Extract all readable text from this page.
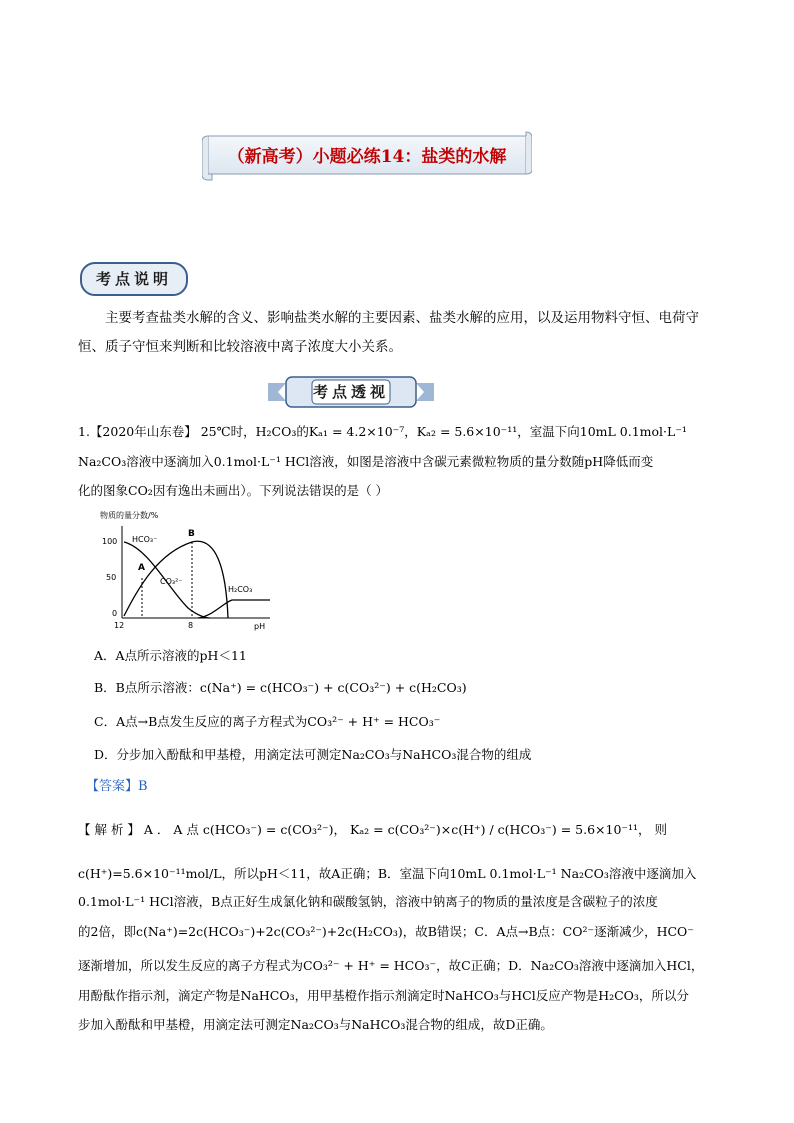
（新高考）小题必练14：盐类的水解
考点说明
主要考查盐类水解的含义、影响盐类水解的主要因素、盐类水解的应用，以及运用物料守恒、电荷守
恒、质子守恒来判断和比较溶液中离子浓度大小关系。
考点透视
1.【2020年山东卷】 25℃时，H₂CO₃的Kₐ₁ = 4.2×10⁻⁷，Kₐ₂ = 5.6×10⁻¹¹，室温下向10mL 0.1mol·L⁻¹
Na₂CO₃溶液中逐滴加入0.1mol·L⁻¹ HCl溶液，如图是溶液中含碳元素微粒物质的量分数随pH降低而变
化的图象CO₂因有逸出未画出）。下列说法错误的是（ ）
物质的量分数/%
100
50
0
12	8	pH
A
B
HCO₃⁻
CO₃²⁻
H₂CO₃
A．A点所示溶液的pH＜11
B．B点所示溶液：c(Na⁺) = c(HCO₃⁻) + c(CO₃²⁻) + c(H₂CO₃)
C．A点→B点发生反应的离子方程式为CO₃²⁻ + H⁺ = HCO₃⁻
D．分步加入酚酞和甲基橙，用滴定法可测定Na₂CO₃与NaHCO₃混合物的组成
【答案】B
【 解 析 】 A ． A 点 c(HCO₃⁻) = c(CO₃²⁻)， Kₐ₂ = c(CO₃²⁻)×c(H⁺) / c(HCO₃⁻) = 5.6×10⁻¹¹， 则
c(H⁺)=5.6×10⁻¹¹mol/L，所以pH＜11，故A正确；B．室温下向10mL 0.1mol·L⁻¹ Na₂CO₃溶液中逐滴加入
0.1mol·L⁻¹ HCl溶液，B点正好生成氯化钠和碳酸氢钠，溶液中钠离子的物质的量浓度是含碳粒子的浓度
的2倍，即c(Na⁺)=2c(HCO₃⁻)+2c(CO₃²⁻)+2c(H₂CO₃)，故B错误；C．A点→B点：CO²⁻逐渐减少，HCO⁻
逐渐增加，所以发生反应的离子方程式为CO₃²⁻ + H⁺ = HCO₃⁻，故C正确；D．Na₂CO₃溶液中逐滴加入HCl，
用酚酞作指示剂，滴定产物是NaHCO₃，用甲基橙作指示剂滴定时NaHCO₃与HCl反应产物是H₂CO₃，所以分
步加入酚酞和甲基橙，用滴定法可测定Na₂CO₃与NaHCO₃混合物的组成，故D正确。
